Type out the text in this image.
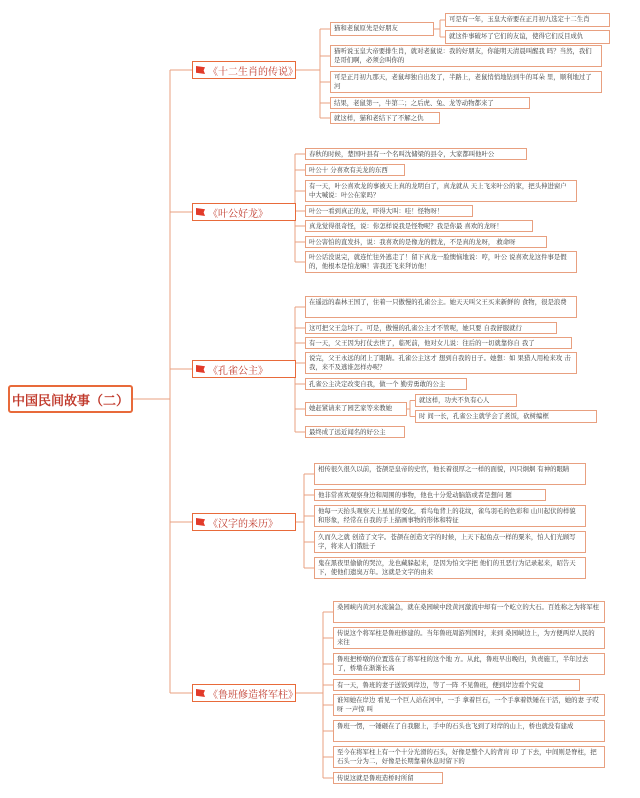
中国民间故事（二）
《十二生肖的传说》
猫和老鼠原先是好朋友
可是有一年，玉皇大帝要在正月初九选定十二生肖
就这件事破坏了它们的友谊，使得它们反目成仇
猫听说玉皇大帝要排生肖，就对老鼠说：我的好朋友，你能明天清晨叫醒我 吗？当然，我们是哥们啊，必须会叫你的
可是正月初九那天，老鼠却独自出发了，半路上，老鼠悄悄地钻到牛的耳朵 里，顺利地过了河
结果，老鼠第一，牛第二；之后虎、兔、龙等动物都来了
就这样，猫和老结下了不解之仇
《叶公好龙》
春秋的时候，楚国叶县有一个名叫沈储梁的县令，大家都叫他叶公
叶公十 分喜欢有关龙的东西
有一天，叶公喜欢龙的事被天上真的龙明白了，真龙就从 天上飞来叶公的家，把头伸进窗户中大喊说：叶公在家吗？
叶公一看到真正的龙，吓得大叫：哇！怪物呀！
真龙觉得很奇怪，说：你怎样说我是怪物呢？我是你最 喜欢的龙呀！
叶公害怕的直发抖，说：我喜欢的是像龙的假龙，不是真的龙呀， 救命呀
叶公话没说完，就连忙往外逃走了！留下真龙一脸懊恼地说：哼，叶公 说喜欢龙这件事是假的，他根本是怕龙嘛！害我还飞来拜访他！
《孔雀公主》
在遥远的森林王国了，住着一只傲慢的孔雀公主。她天天叫父王买来新鲜的 食物，很是浪费
这可把父王急坏了。可是，傲慢的孔雀公主才不管呢，她只要 自我舒服就行
有一天，父王因为打仗去世了，临死前，他对女儿说：往后的一切就靠你自 我了
说完，父王永远的闭上了眼睛。孔雀公主这才 想到自我的日子。她想：如 果猎人用枪来攻 击我，来不及逃谁怎样办呢？
孔雀公主决定改变自我，做一个 勤劳勇敢的公主
她赶紧请来了园艺家等来教她
就这样，功夫不负有心人
时 间一长，孔雀公主就学会了煮饭，砍树编框
最终成了远近闻名的好公主
《汉字的来历》
相传很久很久以前，苍颉是皇帝的史官，他长着很厚之一样的面貌，四只炯炯 有神的眼睛
他非常喜欢观察身边和周围的事物，他也十分爱动脑筋或者是想问 题
他每一天抬头观察天上星星的变化，看鸟龟背上的花纹，雀鸟羽毛的色彩和 山川起伏的样貌和形象，经常在自我的手上描画事物的形体和特征
久而久之就 创造了文字。苍颉在创造文字的时候，上天下起鱼点一样的粟米，怕人们光顾写 字，将来人们饿肚子
鬼在黑夜里偷偷的哭泣，龙也藏躲起来，是因为怕文字把 他们的丑恶行为记录起来，昭告天下，使他们遗臭万年。这就是文字的由来
《鲁班修造将军柱》
桑园峡内黄河水流湍急，就在桑园峡中段黄河激流中却有一个屹立的大石。百姓称之为将军柱
传说这个将军柱是鲁班修建的。当年鲁班周游列国时，来到 桑园峡边上，为方便两岸人民的来往
鲁班把桥墩的位置选在了将军柱的这个地 方。从此，鲁班早出晚归，负责施工，半年过去了，桥墩在渐渐长高
有一天，鲁班的妻子送饭到岸边，等了一阵 不见鲁班，便到岸边看个究竟
谁知她在岸边 看见一个巨人站在河中，一手 拿着巨石，一个手拿着铁锤在干活，她的妻 子哎呀 一声惊 叫
鲁班一愣，一锤砸在了自我腿上，手中的石头也飞到了对岸的山上，桥也就没有建成
至今在将军柱上有一个十分光滑的石头，好像是整个人的背肓 印 了下去，中间则是脊柱，把石头一分为二，好像是长期靠着休息时留下的
传说这就是鲁班造桥时所留
